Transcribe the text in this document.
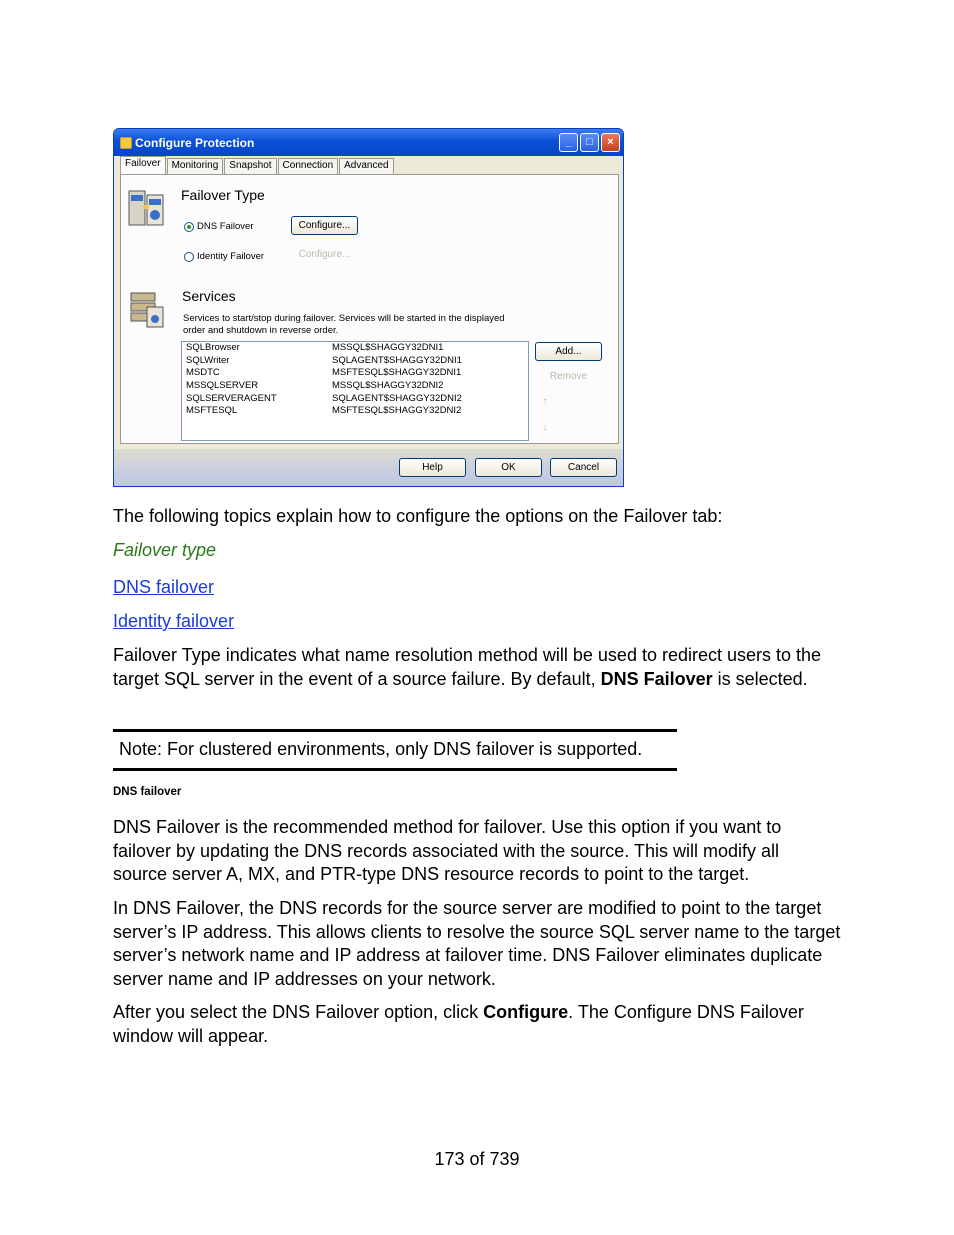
Configure Protection	_	□	×
Failover	Monitoring	Snapshot	Connection	Advanced
Failover Type
DNS Failover	Configure...
Identity Failover	Configure...
Services
Services to start/stop during failover. Services will be started in the displayed
order and shutdown in reverse order.
SQLBrowser	MSSQL$SHAGGY32DNI1
SQLWriter	SQLAGENT$SHAGGY32DNI1
MSDTC	MSFTESQL$SHAGGY32DNI1
MSSQLSERVER	MSSQL$SHAGGY32DNI2
SQLSERVERAGENT	SQLAGENT$SHAGGY32DNI2
MSFTESQL	MSFTESQL$SHAGGY32DNI2
Add...
Remove
↑
↓
Help	OK	Cancel
The following topics explain how to configure the options on the Failover tab:
Failover type
DNS failover
Identity failover
Failover Type indicates what name resolution method will be used to redirect users to the target SQL server in the event of a source failure. By default, DNS Failover is selected.
Note: For clustered environments, only DNS failover is supported.
DNS failover
DNS Failover is the recommended method for failover. Use this option if you want to failover by updating the DNS records associated with the source. This will modify all source server A, MX, and PTR-type DNS resource records to point to the target.
In DNS Failover, the DNS records for the source server are modified to point to the target server’s IP address. This allows clients to resolve the source SQL server name to the target server’s network name and IP address at failover time. DNS Failover eliminates duplicate server name and IP addresses on your network.
After you select the DNS Failover option, click Configure. The Configure DNS Failover window will appear.
173 of 739
